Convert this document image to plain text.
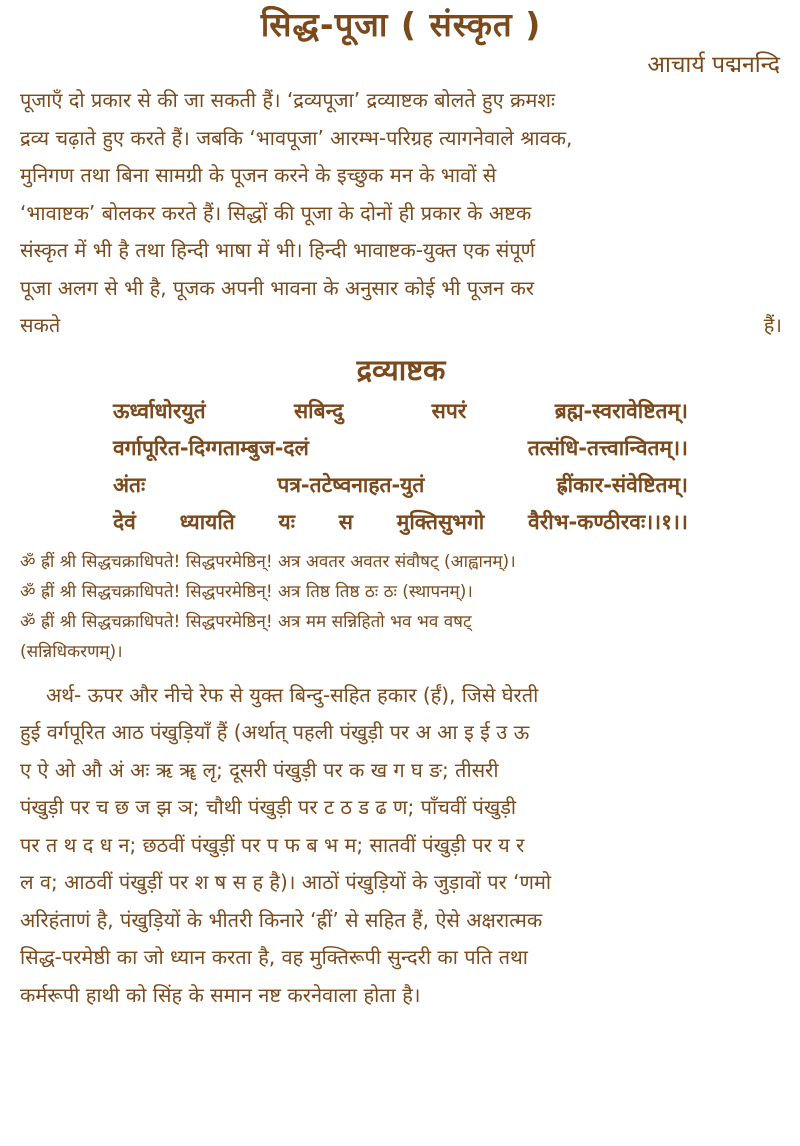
सिद्ध-पूजा ( संस्कृत )

आचार्य पद्मनन्दि

पूजाएँ दो प्रकार से की जा सकती हैं। ‘द्रव्यपूजा’ द्रव्याष्टक बोलते हुए क्रमशः
द्रव्य चढ़ाते हुए करते हैं। जबकि ‘भावपूजा’ आरम्भ-परिग्रह त्यागनेवाले श्रावक,
मुनिगण तथा बिना सामग्री के पूजन करने के इच्छुक मन के भावों से
‘भावाष्टक’ बोलकर करते हैं। सिद्धों की पूजा के दोनों ही प्रकार के अष्टक
संस्कृत में भी है तथा हिन्दी भाषा में भी। हिन्दी भावाष्टक-युक्त एक संपूर्ण
पूजा अलग से भी है, पूजक अपनी भावना के अनुसार कोई भी पूजन कर
सकते	हैं।
द्रव्याष्टक
ऊर्ध्वाधोरयुतं	सबिन्दु	सपरं	ब्रह्म-स्वरावेष्टितम्।
वर्गापूरित-दिग्गताम्बुज-दलं	तत्संधि-तत्त्वान्वितम्।।
अंतः	पत्र-तटेष्वनाहत-युतं	ह्रींकार-संवेष्टितम्।
देवं ध्यायति यः स मुक्तिसुभगो वैरीभ-कण्ठीरवः।।१।।
ॐ ह्रीं श्री सिद्धचक्राधिपते! सिद्धपरमेष्ठिन्! अत्र अवतर अवतर संवौषट् (आह्वानम्)।
ॐ ह्रीं श्री सिद्धचक्राधिपते! सिद्धपरमेष्ठिन्! अत्र तिष्ठ तिष्ठ ठः ठः (स्थापनम्)।
ॐ ह्रीं श्री सिद्धचक्राधिपते! सिद्धपरमेष्ठिन्! अत्र मम सन्निहितो भव भव वषट्
(सन्निधिकरणम्)।
अर्थ- ऊपर और नीचे रेफ से युक्त बिन्दु-सहित हकार (र्हं), जिसे घेरती
हुई वर्गपूरित आठ पंखुड़ियाँ हैं (अर्थात् पहली पंखुड़ी पर अ आ इ ई उ ऊ
ए ऐ ओ औ अं अः ऋ ॠ लृ; दूसरी पंखुड़ी पर क ख ग घ ङ; तीसरी
पंखुड़ी पर च छ ज झ ञ; चौथी पंखुड़ी पर ट ठ ड ढ ण; पाँचवीं पंखुड़ी
पर त थ द ध न; छठवीं पंखुड़ीं पर प फ ब भ म; सातवीं पंखुड़ी पर य र
ल व; आठवीं पंखुड़ीं पर श ष स ह है)। आठों पंखुड़ियों के जुड़ावों पर ‘णमो
अरिहंताणं है, पंखुड़ियों के भीतरी किनारे ‘ह्रीं’ से सहित हैं, ऐसे अक्षरात्मक
सिद्ध-परमेष्ठी का जो ध्यान करता है, वह मुक्तिरूपी सुन्दरी का पति तथा
कर्मरूपी हाथी को सिंह के समान नष्ट करनेवाला होता है।
